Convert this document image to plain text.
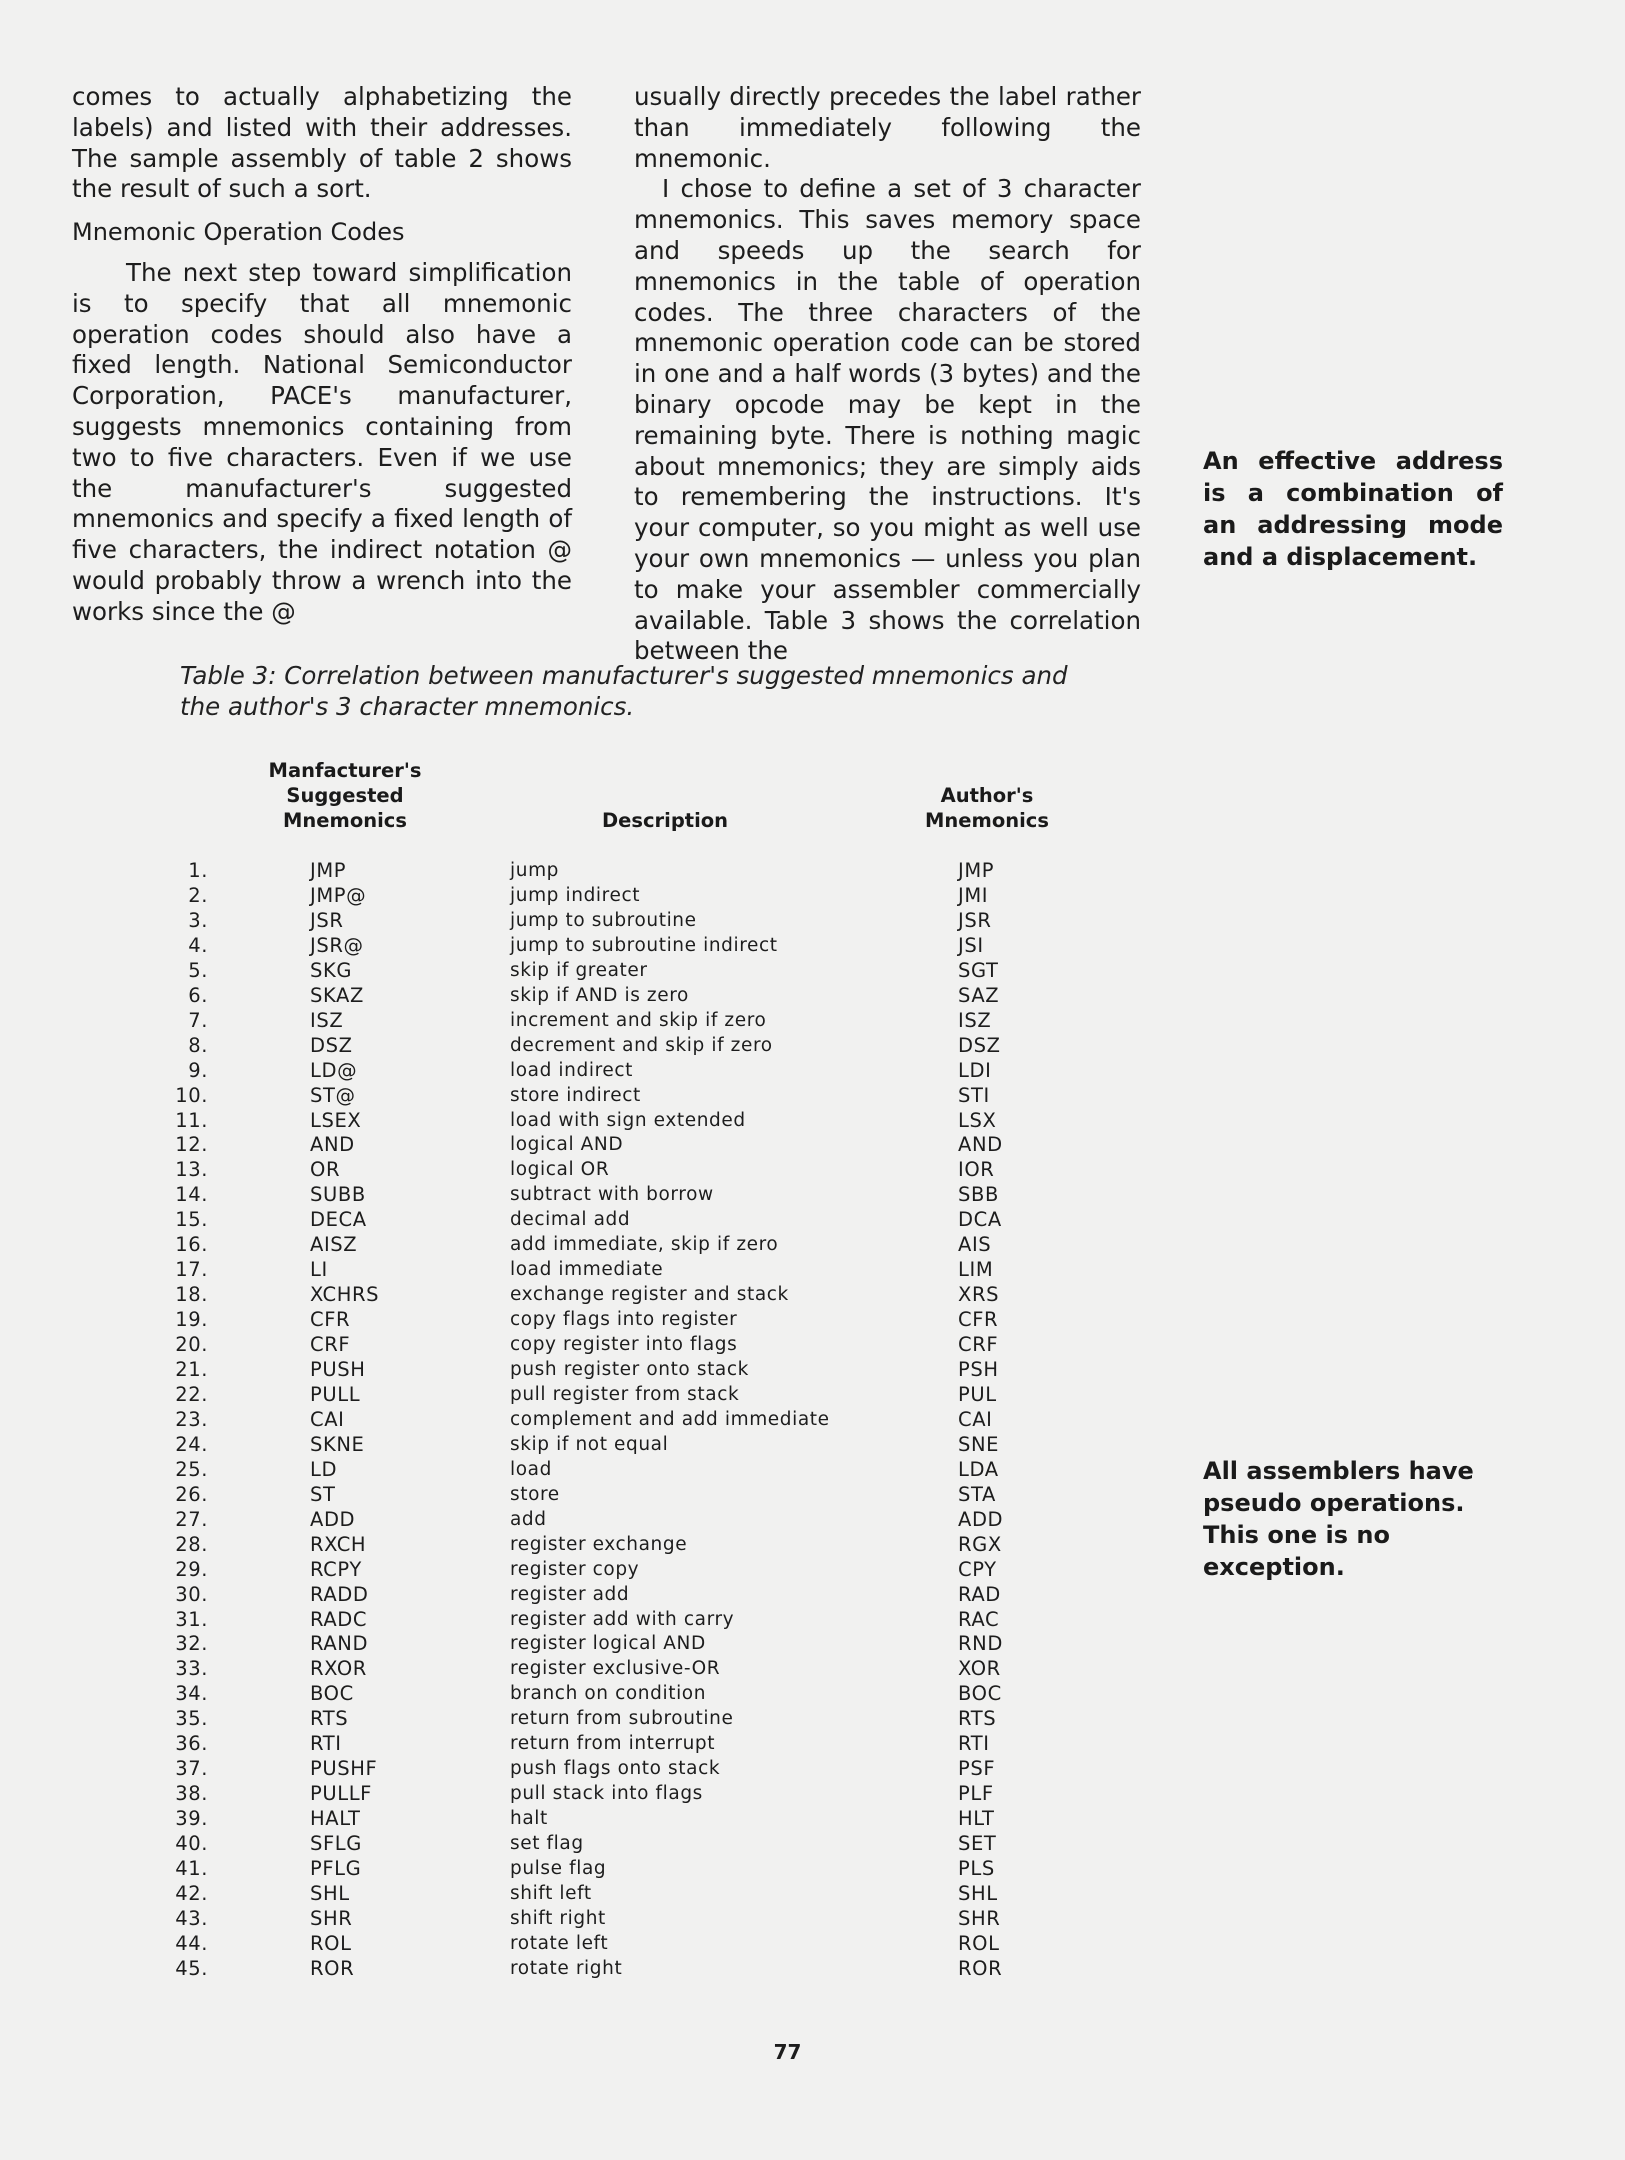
comes to actually alphabetizing the labels) and listed with their addresses. The sample assembly of table 2 shows the result of such a sort.

Mnemonic Operation Codes

The next step toward simplification is to specify that all mnemonic operation codes should also have a fixed length. National Semiconductor Corporation, PACE's manufacturer, suggests mnemonics containing from two to five characters. Even if we use the manufacturer's suggested mnemonics and specify a fixed length of five characters, the indirect notation @ would probably throw a wrench into the works since the @

usually directly precedes the label rather than immediately following the mnemonic.

I chose to define a set of 3 character mnemonics. This saves memory space and speeds up the search for mnemonics in the table of operation codes. The three characters of the mnemonic operation code can be stored in one and a half words (3 bytes) and the binary opcode may be kept in the remaining byte. There is nothing magic about mnemonics; they are simply aids to remembering the instructions. It's your computer, so you might as well use your own mnemonics — unless you plan to make your assembler commercially available. Table 3 shows the correlation between the

An effective address is a combination of an addressing mode and a displacement.
All assemblers have pseudo operations. This one is no exception.
Table 3: Correlation between manufacturer's suggested mnemonics and the author's 3 character mnemonics.
Manfacturer's
Suggested
Mnemonics	Description
Author's
Mnemonics
1.	JMP	jump	JMP
2.	JMP@	jump indirect	JMI
3.	JSR	jump to subroutine	JSR
4.	JSR@	jump to subroutine indirect	JSI
5.	SKG	skip if greater	SGT
6.	SKAZ	skip if AND is zero	SAZ
7.	ISZ	increment and skip if zero	ISZ
8.	DSZ	decrement and skip if zero	DSZ
9.	LD@	load indirect	LDI
10.	ST@	store indirect	STI
11.	LSEX	load with sign extended	LSX
12.	AND	logical AND	AND
13.	OR	logical OR	IOR
14.	SUBB	subtract with borrow	SBB
15.	DECA	decimal add	DCA
16.	AISZ	add immediate, skip if zero	AIS
17.	LI	load immediate	LIM
18.	XCHRS	exchange register and stack	XRS
19.	CFR	copy flags into register	CFR
20.	CRF	copy register into flags	CRF
21.	PUSH	push register onto stack	PSH
22.	PULL	pull register from stack	PUL
23.	CAI	complement and add immediate	CAI
24.	SKNE	skip if not equal	SNE
25.	LD	load	LDA
26.	ST	store	STA
27.	ADD	add	ADD
28.	RXCH	register exchange	RGX
29.	RCPY	register copy	CPY
30.	RADD	register add	RAD
31.	RADC	register add with carry	RAC
32.	RAND	register logical AND	RND
33.	RXOR	register exclusive-OR	XOR
34.	BOC	branch on condition	BOC
35.	RTS	return from subroutine	RTS
36.	RTI	return from interrupt	RTI
37.	PUSHF	push flags onto stack	PSF
38.	PULLF	pull stack into flags	PLF
39.	HALT	halt	HLT
40.	SFLG	set flag	SET
41.	PFLG	pulse flag	PLS
42.	SHL	shift left	SHL
43.	SHR	shift right	SHR
44.	ROL	rotate left	ROL
45.	ROR	rotate right	ROR
77
